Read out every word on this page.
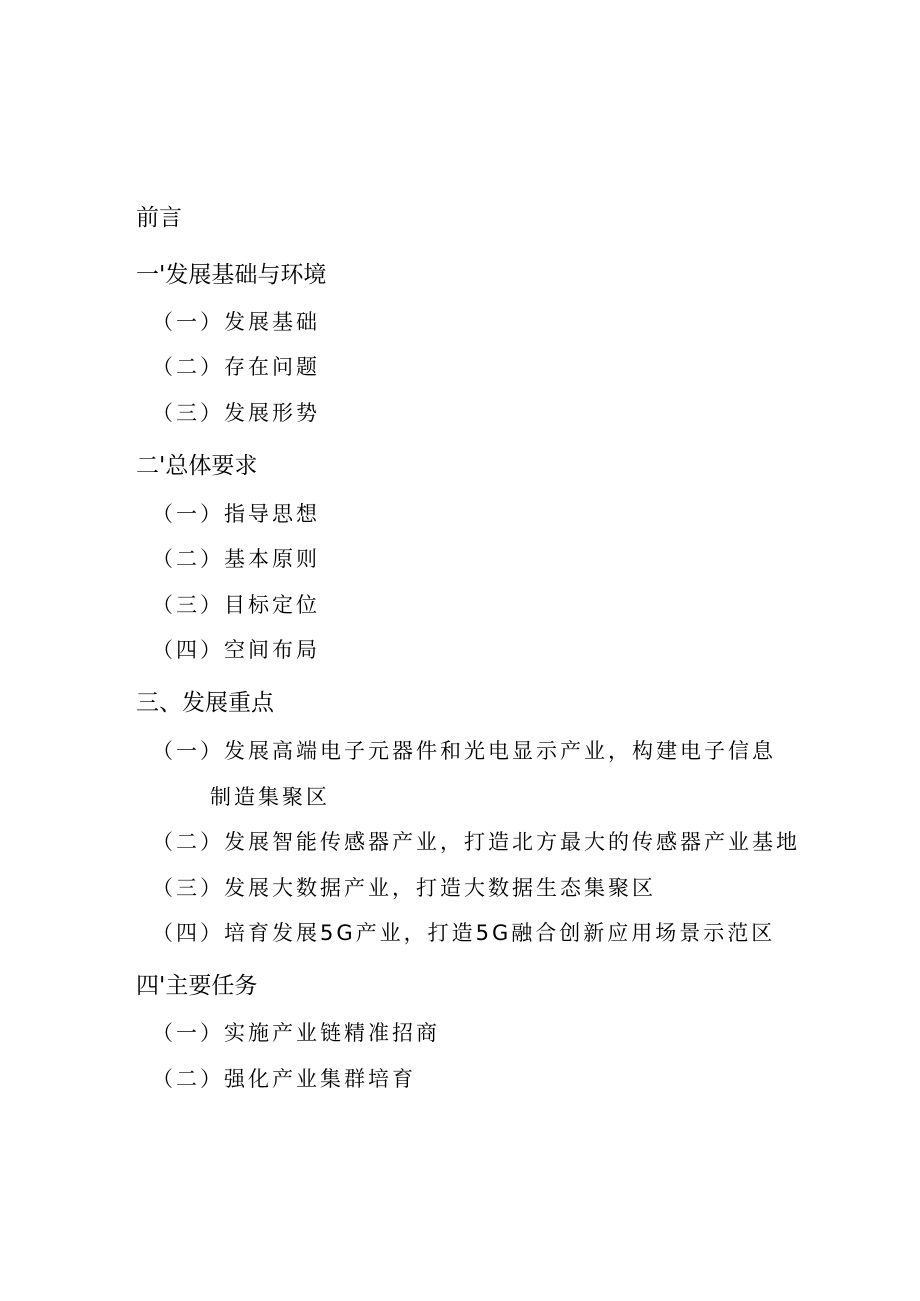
前言
一'发展基础与环境
（一）发展基础
（二）存在问题
（三）发展形势
二'总体要求
（一）指导思想
（二）基本原则
（三）目标定位
（四）空间布局
三、发展重点
（一）发展高端电子元器件和光电显示产业，构建电子信息
制造集聚区
（二）发展智能传感器产业，打造北方最大的传感器产业基地
（三）发展大数据产业，打造大数据生态集聚区
（四）培育发展5G产业，打造5G融合创新应用场景示范区
四'主要任务
（一）实施产业链精准招商
（二）强化产业集群培育
